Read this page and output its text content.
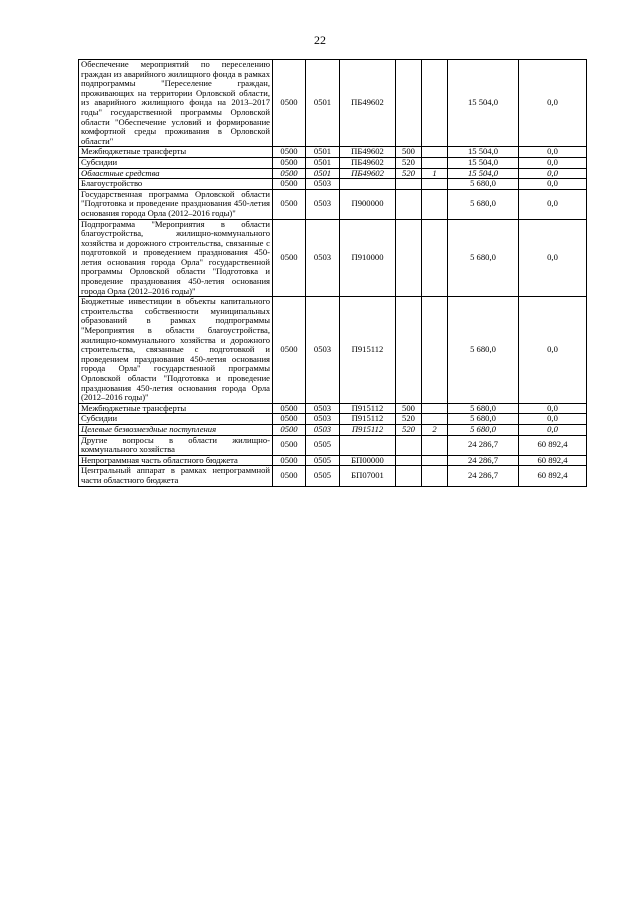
22
Обеспечение мероприятий по переселению граждан из аварийного жилищного фонда в рамках подпрограммы "Переселение граждан, проживающих на территории Орловской области, из аварийного жилищного фонда на 2013–2017 годы" государственной программы Орловской области "Обеспечение условий и формирование комфортной среды проживания в Орловской области"	0500	0501	ПБ49602			15 504,0	0,0
Межбюджетные трансферты	0500	0501	ПБ49602	500		15 504,0	0,0
Субсидии	0500	0501	ПБ49602	520		15 504,0	0,0
Областные средства	0500	0501	ПБ49602	520	1	15 504,0	0,0
Благоустройство	0500	0503				5 680,0	0,0
Государственная программа Орловской области "Подготовка и проведение празднования 450-летия основания города Орла (2012–2016 годы)"	0500	0503	П900000			5 680,0	0,0
Подпрограмма "Мероприятия в области благоустройства, жилищно-коммунального хозяйства и дорожного строительства, связанные с подготовкой и проведением празднования 450-летия основания города Орла" государственной программы Орловской области "Подготовка и проведение празднования 450-летия основания города Орла (2012–2016 годы)"	0500	0503	П910000			5 680,0	0,0
Бюджетные инвестиции в объекты капитального строительства собственности муниципальных образований в рамках подпрограммы "Мероприятия в области благоустройства, жилищно-коммунального хозяйства и дорожного строительства, связанные с подготовкой и проведением празднования 450-летия основания города Орла" государственной программы Орловской области "Подготовка и проведение празднования 450-летия основания города Орла (2012–2016 годы)"	0500	0503	П915112			5 680,0	0,0
Межбюджетные трансферты	0500	0503	П915112	500		5 680,0	0,0
Субсидии	0500	0503	П915112	520		5 680,0	0,0
Целевые безвозмездные поступления	0500	0503	П915112	520	2	5 680,0	0,0
Другие вопросы в области жилищно-коммунального хозяйства	0500	0505				24 286,7	60 892,4
Непрограммная часть областного бюджета	0500	0505	БП00000			24 286,7	60 892,4
Центральный аппарат в рамках непрограммной части областного бюджета	0500	0505	БП07001			24 286,7	60 892,4
